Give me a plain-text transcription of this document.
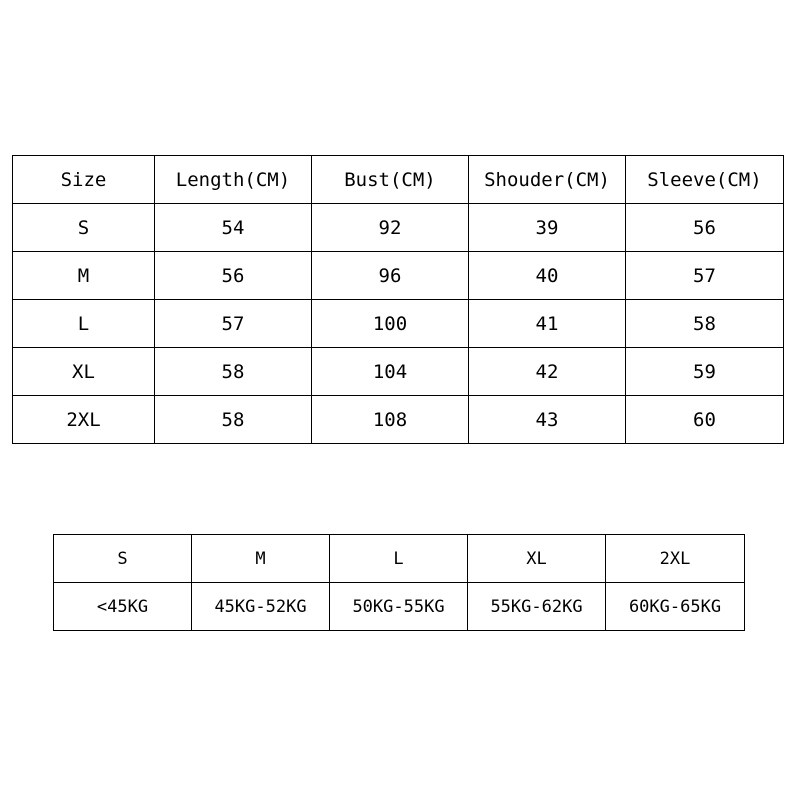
Size	Length(CM)	Bust(CM)	Shouder(CM)	Sleeve(CM)
S	54	92	39	56
M	56	96	40	57
L	57	100	41	58
XL	58	104	42	59
2XL	58	108	43	60
S	M	L	XL	2XL
<45KG	45KG-52KG	50KG-55KG	55KG-62KG	60KG-65KG
